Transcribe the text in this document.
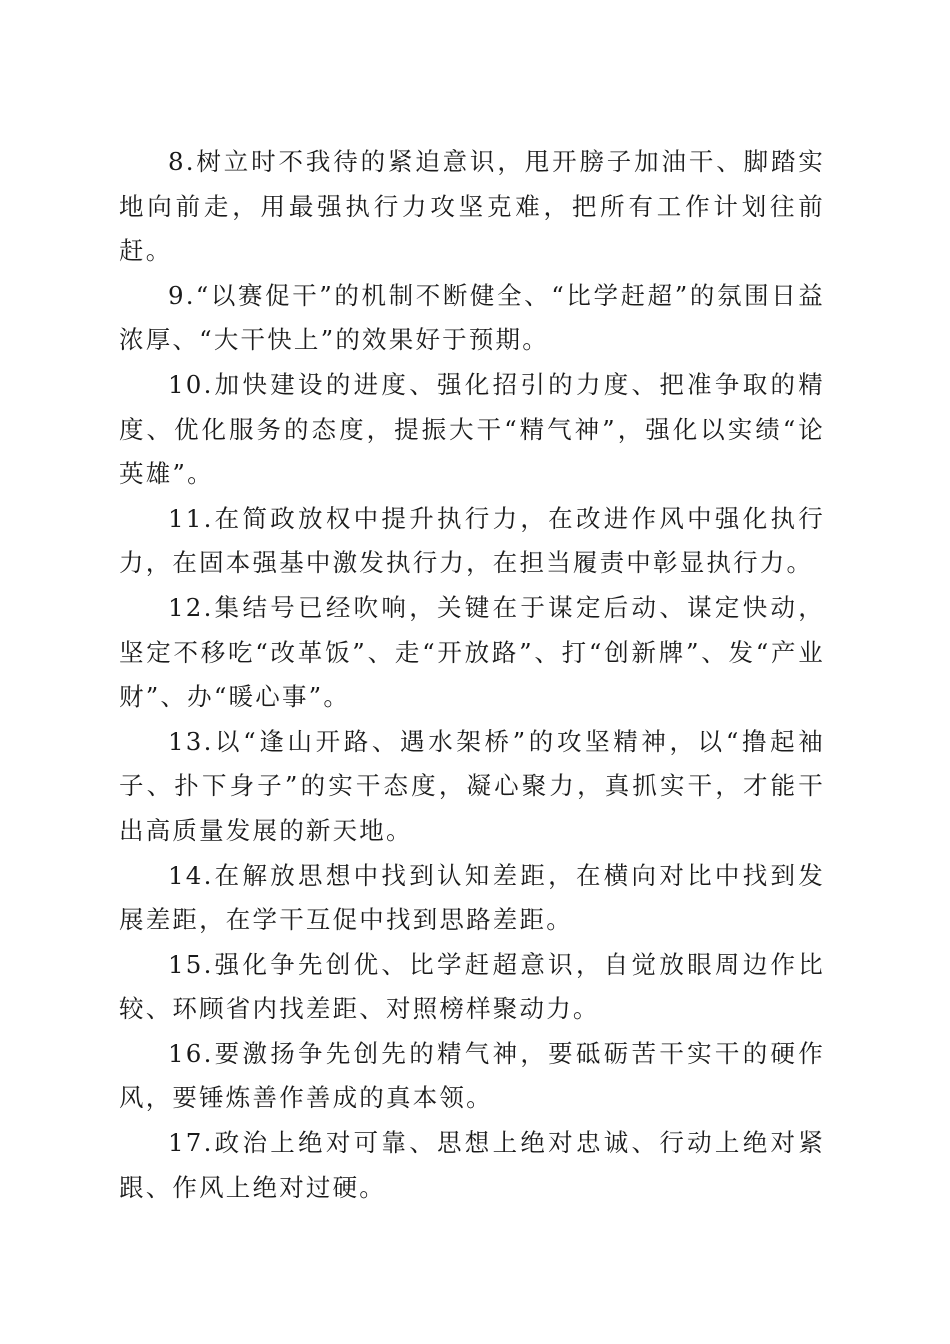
8.树立时不我待的紧迫意识，甩开膀子加油干、脚踏实地向前走，用最强执行力攻坚克难，把所有工作计划往前赶。

9.“以赛促干”的机制不断健全、“比学赶超”的氛围日益浓厚、“大干快上”的效果好于预期。

10.加快建设的进度、强化招引的力度、把准争取的精度、优化服务的态度，提振大干“精气神”，强化以实绩“论英雄”。

11.在简政放权中提升执行力，在改进作风中强化执行力，在固本强基中激发执行力，在担当履责中彰显执行力。

12.集结号已经吹响，关键在于谋定后动、谋定快动，坚定不移吃“改革饭”、走“开放路”、打“创新牌”、发“产业财”、办“暖心事”。

13.以“逢山开路、遇水架桥”的攻坚精神，以“撸起袖子、扑下身子”的实干态度，凝心聚力，真抓实干，才能干出高质量发展的新天地。

14.在解放思想中找到认知差距，在横向对比中找到发展差距，在学干互促中找到思路差距。

15.强化争先创优、比学赶超意识，自觉放眼周边作比较、环顾省内找差距、对照榜样聚动力。

16.要激扬争先创先的精气神，要砥砺苦干实干的硬作风，要锤炼善作善成的真本领。

17.政治上绝对可靠、思想上绝对忠诚、行动上绝对紧跟、作风上绝对过硬。
